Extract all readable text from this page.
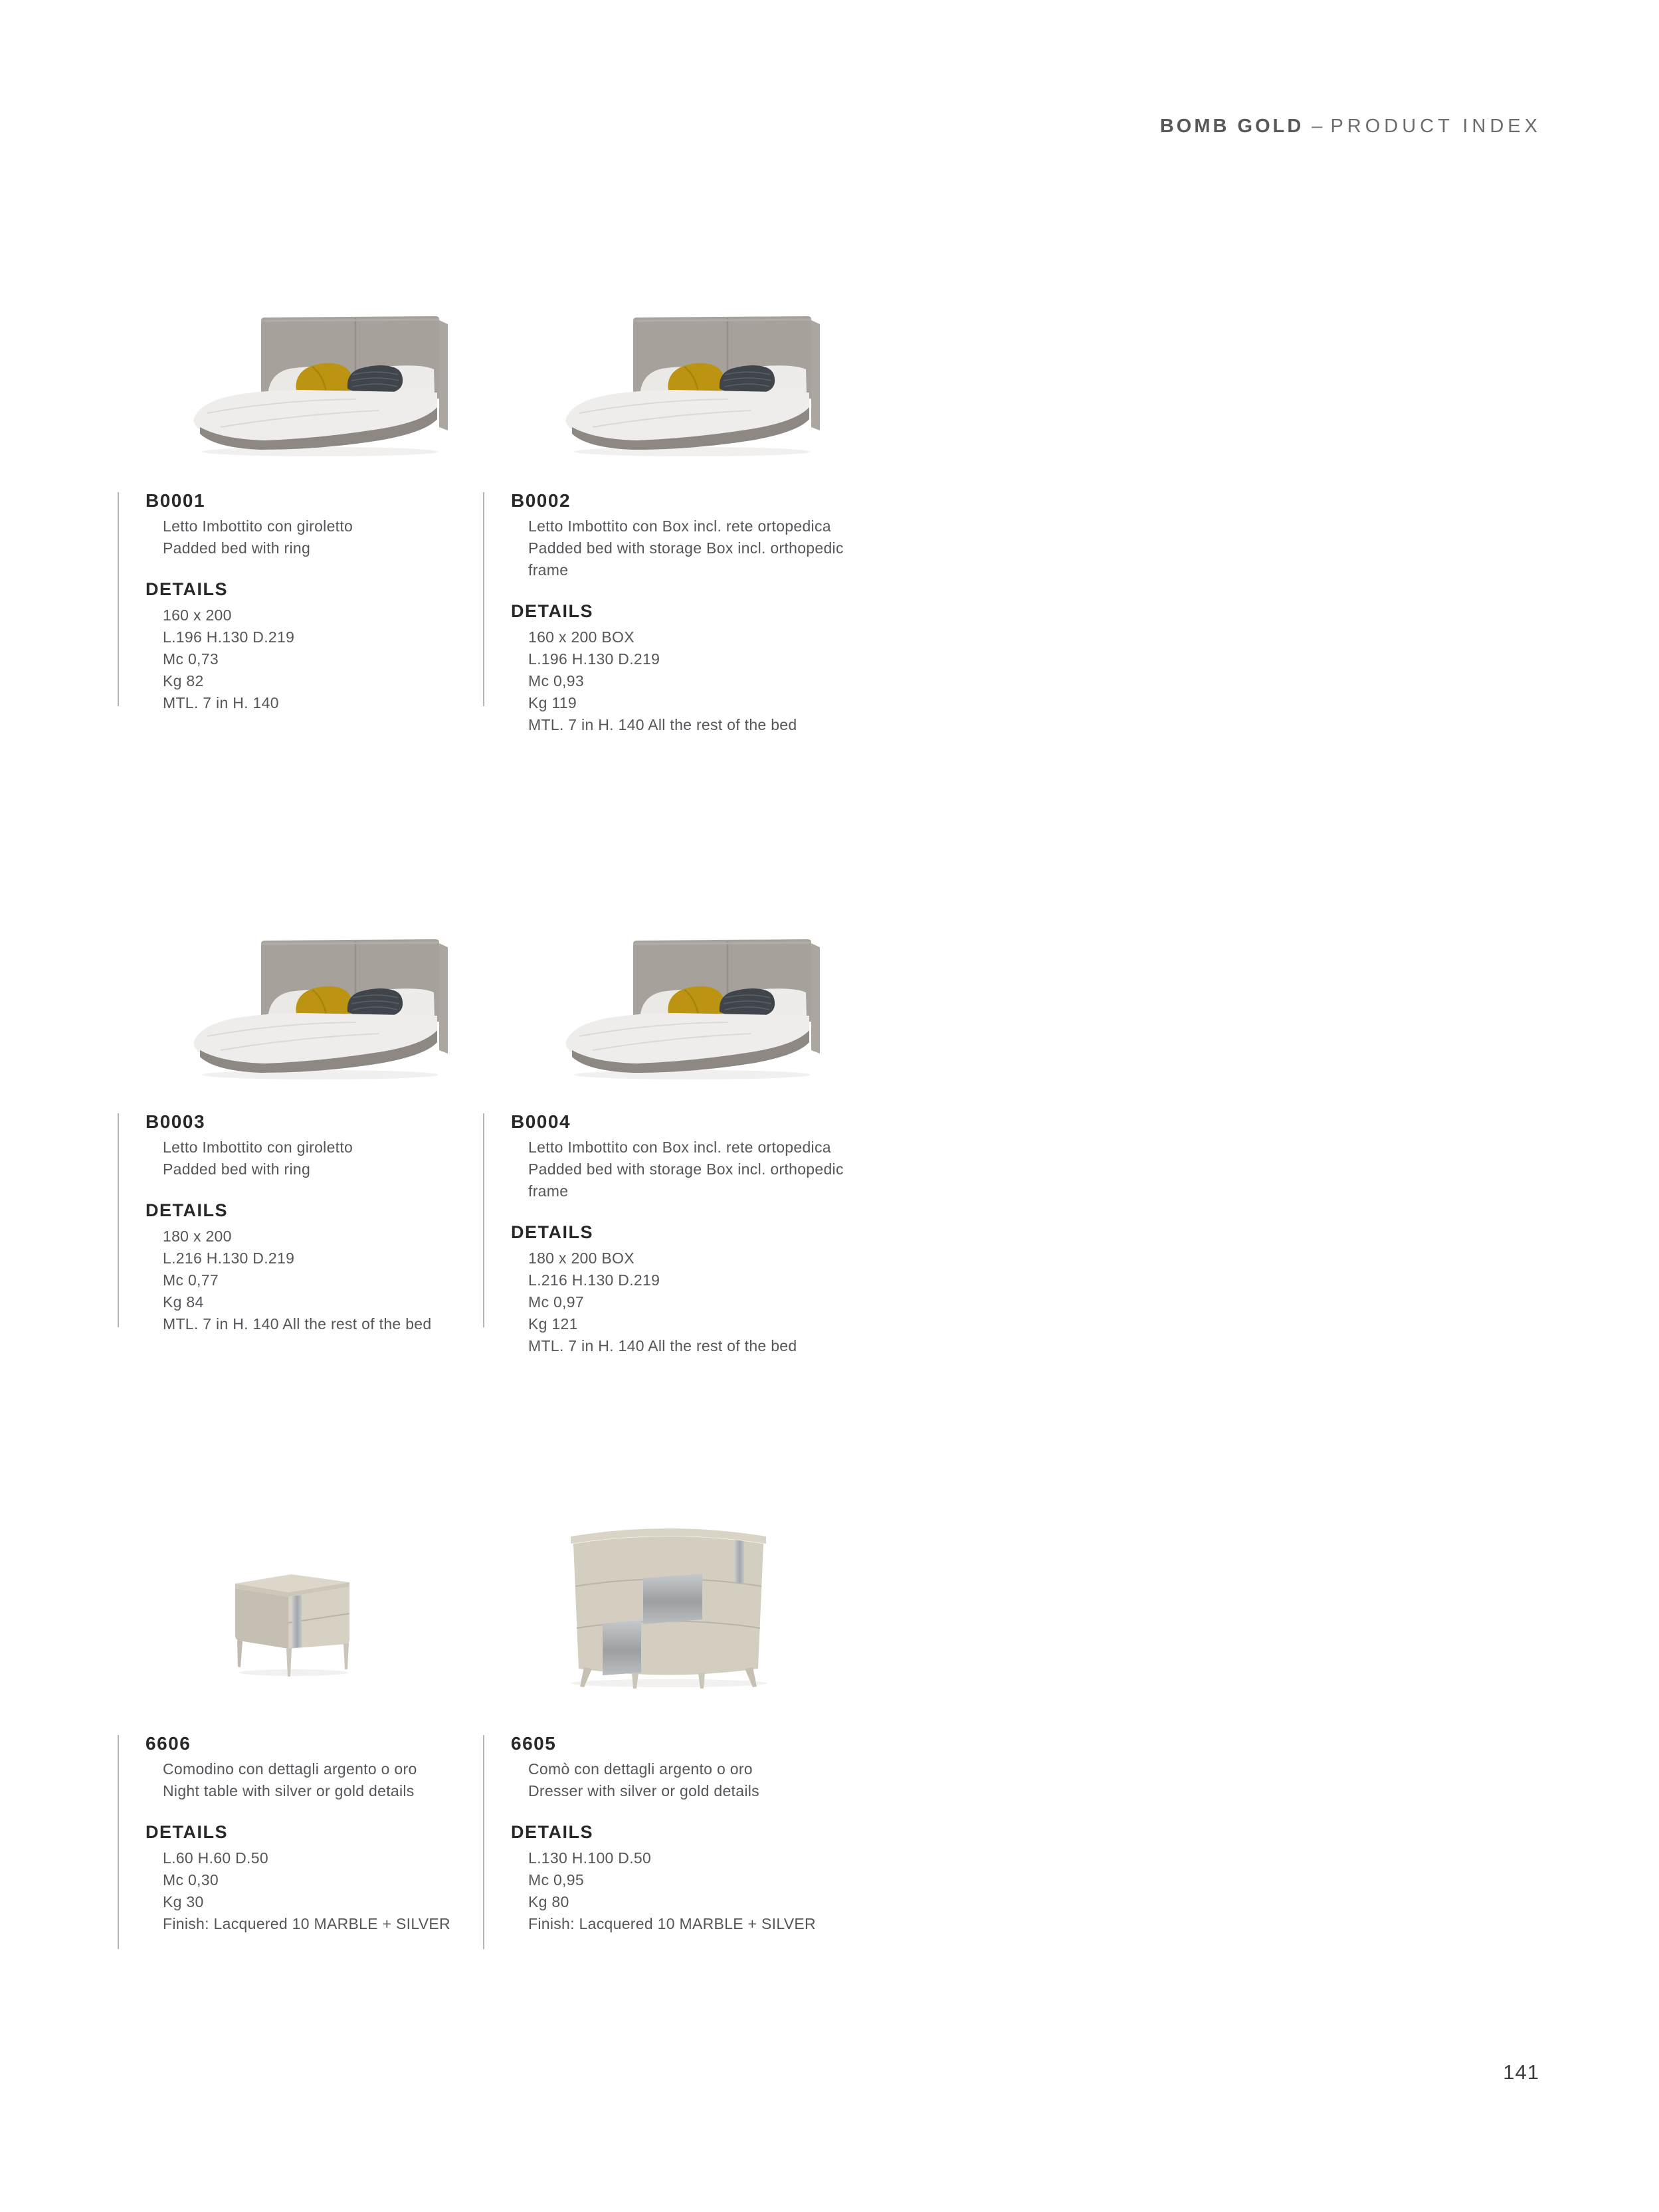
BOMB GOLD – PRODUCT INDEX
B0001

Letto Imbottito con giroletto

Padded bed with ring

DETAILS

160 x 200

L.196 H.130 D.219

Mc 0,73

Kg 82

MTL. 7 in H. 140

B0002

Letto Imbottito con Box incl. rete ortopedica

Padded bed with storage Box incl. orthopedic

frame

DETAILS

160 x 200 BOX

L.196 H.130 D.219

Mc 0,93

Kg 119

MTL. 7 in H. 140 All the rest of the bed

B0003

Letto Imbottito con giroletto

Padded bed with ring

DETAILS

180 x 200

L.216 H.130 D.219

Mc 0,77

Kg 84

MTL. 7 in H. 140 All the rest of the bed

B0004

Letto Imbottito con Box incl. rete ortopedica

Padded bed with storage Box incl. orthopedic

frame

DETAILS

180 x 200 BOX

L.216 H.130 D.219

Mc 0,97

Kg 121

MTL. 7 in H. 140 All the rest of the bed

6606

Comodino con dettagli argento o oro

Night table with silver or gold details

DETAILS

L.60 H.60 D.50

Mc 0,30

Kg 30

Finish: Lacquered 10 MARBLE + SILVER

6605

Comò con dettagli argento o oro

Dresser with silver or gold details

DETAILS

L.130 H.100 D.50

Mc 0,95

Kg 80

Finish: Lacquered 10 MARBLE + SILVER

141
